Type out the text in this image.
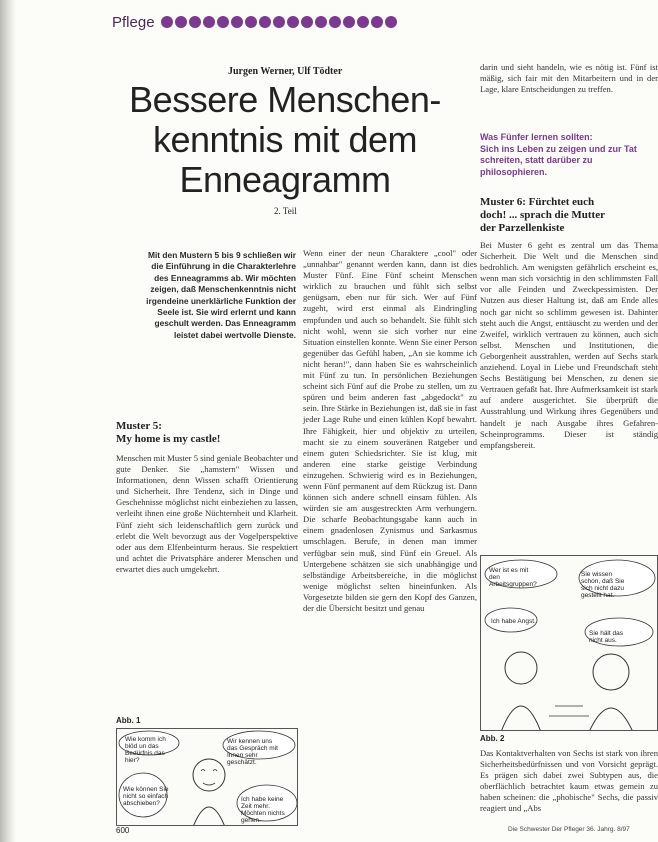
Pflege
Jurgen Werner, Ulf Tödter
Bessere Menschen-
kenntnis mit dem
Enneagramm
2. Teil
Mit den Mustern 5 bis 9 schließen wir die Einführung in die Charakterlehre des Enneagramms ab. Wir möchten zeigen, daß Menschenkenntnis nicht irgendeine unerklärliche Funktion der Seele ist. Sie wird erlernt und kann geschult werden. Das Enneagramm leistet dabei wertvolle Dienste.
Muster 5:
My home is my castle!
Menschen mit Muster 5 sind geniale Beobachter und gute Denker. Sie „hamstern" Wissen und Informationen, denn Wissen schafft Orientierung und Sicherheit. Ihre Tendenz, sich in Dinge und Geschehnisse möglichst nicht einbeziehen zu lassen, verleiht ihnen eine große Nüchternheit und Klarheit. Fünf zieht sich leidenschaftlich gern zurück und erlebt die Welt bevorzugt aus der Vogelperspektive oder aus dem Elfenbeinturm heraus. Sie respektiert und achtet die Privatsphäre anderer Menschen und erwartet dies auch umgekehrt.
Abb. 1
Wie komm ich blöd un das Bedürfnis das hier?
Wir kennen uns das Gespräch mit Ihnen sehr geschätzt.
Wie können Sie nicht so einfach abschieben?
Ich habe keine Zeit mehr. Möchten nichts gehen.
Wenn einer der neun Charaktere „cool" oder „unnahbar" genannt werden kann, dann ist dies Muster Fünf. Eine Fünf scheint Menschen wirklich zu brauchen und fühlt sich selbst genügsam, eben nur für sich. Wer auf Fünf zugeht, wird erst einmal als Eindringling empfunden und auch so behandelt. Sie fühlt sich nicht wohl, wenn sie sich vorher nur eine Situation einstellen konnte. Wenn Sie einer Person gegenüber das Gefühl haben, „An sie komme ich nicht heran!", dann haben Sie es wahrscheinlich mit Fünf zu tun. In persönlichen Beziehungen scheint sich Fünf auf die Probe zu stellen, um zu spüren und beim anderen fast „abgedockt" zu sein. Ihre Stärke in Beziehungen ist, daß sie in fast jeder Lage Ruhe und einen kühlen Kopf bewahrt. Ihre Fähigkeit, hier und objektiv zu urteilen, macht sie zu einem souveränen Ratgeber und einem guten Schiedsrichter. Sie ist klug, mit anderen eine starke geistige Verbindung einzugehen. Schwierig wird es in Beziehungen, wenn Fünf permanent auf dem Rückzug ist. Dann können sich andere schnell einsam fühlen. Als würden sie am ausgestreckten Arm verhungern. Die scharfe Beobachtungsgabe kann auch in einem gnadenlosen Zynismus und Sarkasmus umschlagen. Berufe, in denen man immer verfügbar sein muß, sind Fünf ein Greuel. Als Untergebene schätzen sie sich unabhängige und selbständige Arbeitsbereiche, in die möglichst wenige möglichst selten hineinfunken. Als Vorgesetzte bilden sie gern den Kopf des Ganzen, der die Übersicht besitzt und genau
darin und sieht handeln, wie es nötig ist. Fünf ist mäßig, sich fair mit den Mitarbeitern und in der Lage, klare Entscheidungen zu treffen.
Was Fünfer lernen sollten:
Sich ins Leben zu zeigen und zur Tat schreiten, statt darüber zu philosophieren.
Muster 6: Fürchtet euch
doch! ... sprach die Mutter
der Parzellenkiste
Bei Muster 6 geht es zentral um das Thema Sicherheit. Die Welt und die Menschen sind bedrohlich. Am wenigsten gefährlich erscheint es, wenn man sich vorsichtig in den schlimmsten Fall vor alle Feinden und Zweckpessimisten. Der Nutzen aus dieser Haltung ist, daß am Ende alles noch gar nicht so schlimm gewesen ist. Dahinter steht auch die Angst, enttäuscht zu werden und der Zweifel, wirklich vertrauen zu können, auch sich selbst. Menschen und Institutionen, die Geborgenheit ausstrahlen, werden auf Sechs stark anziehend. Loyal in Liebe und Freundschaft steht Sechs Bestätigung bei Menschen, zu denen sie Vertrauen gefaßt hat. Ihre Aufmerksamkeit ist stark auf andere ausgerichtet. Sie überprüft die Ausstrahlung und Wirkung ihres Gegenübers und handelt je nach Ausgabe ihres Gefahren-Scheinprogramms. Dieser ist ständig empfangsbereit.
Wer ist es mit den Arbeitsgruppen?
Sie wissen schon, daß Sie sich nicht dazu gestellt hat.
Ich habe Angst.
Sie hält das nicht aus.
Abb. 2
Das Kontaktverhalten von Sechs ist stark von ihren Sicherheitsbedürfnissen und von Vorsicht geprägt. Es prägen sich dabei zwei Subtypen aus, die oberflächlich betrachtet kaum etwas gemein zu haben scheinen: die „phobische" Sechs, die passiv reagiert und „Abs
600	Die Schwester Der Pfleger 36. Jahrg. 8/97
